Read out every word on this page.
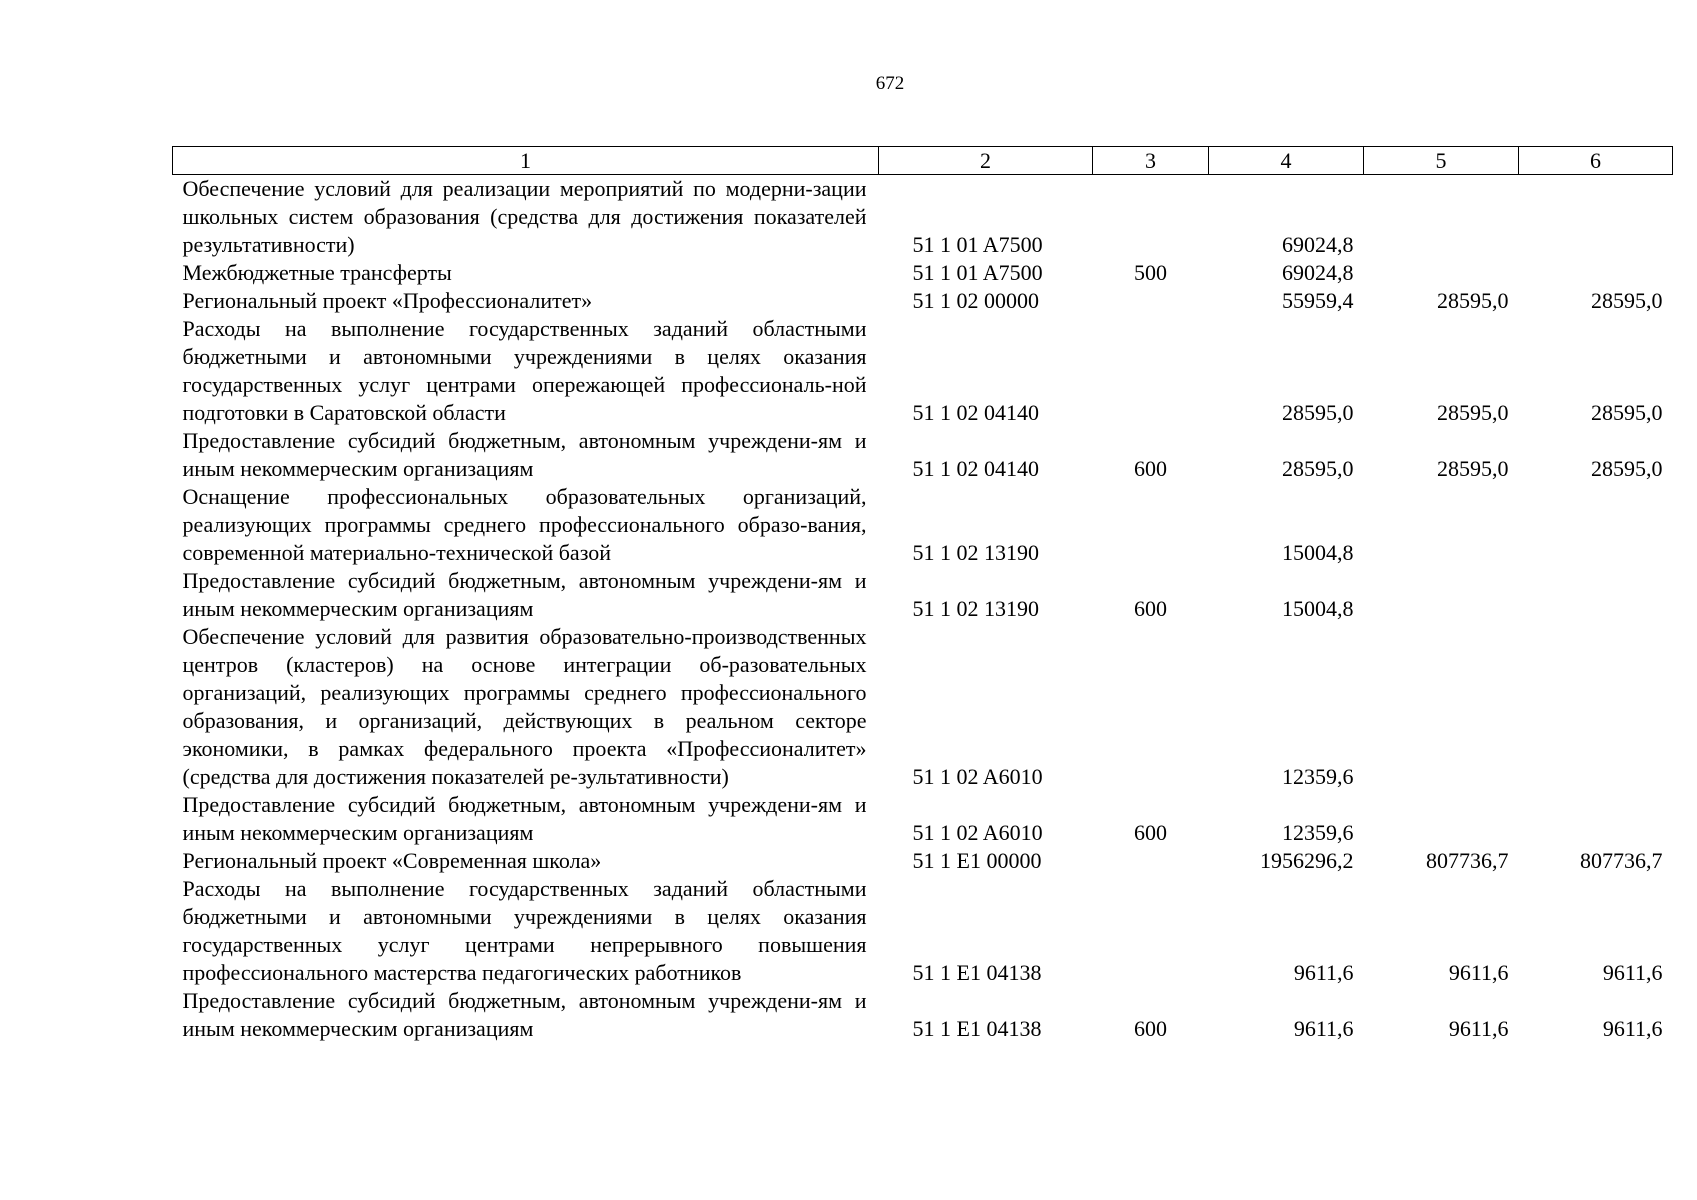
672
1	2	3	4	5	6
Обеспечение условий для реализации мероприятий по модерни-зации школьных систем образования (средства для достижения показателей результативности)	51 1 01 A7500		69024,8		
Межбюджетные трансферты	51 1 01 A7500	500	69024,8		
Региональный проект «Профессионалитет»	51 1 02 00000		55959,4	28595,0	28595,0
Расходы на выполнение государственных заданий областными бюджетными и автономными учреждениями в целях оказания государственных услуг центрами опережающей профессиональ-ной подготовки в Саратовской области	51 1 02 04140		28595,0	28595,0	28595,0
Предоставление субсидий бюджетным, автономным учреждени-ям и иным некоммерческим организациям	51 1 02 04140	600	28595,0	28595,0	28595,0
Оснащение профессиональных образовательных организаций, реализующих программы среднего профессионального образо-вания, современной материально-технической базой	51 1 02 13190		15004,8		
Предоставление субсидий бюджетным, автономным учреждени-ям и иным некоммерческим организациям	51 1 02 13190	600	15004,8		
Обеспечение условий для развития образовательно-производственных центров (кластеров) на основе интеграции об-разовательных организаций, реализующих программы среднего профессионального образования, и организаций, действующих в реальном секторе экономики, в рамках федерального проекта «Профессионалитет» (средства для достижения показателей ре-зультативности)	51 1 02 A6010		12359,6		
Предоставление субсидий бюджетным, автономным учреждени-ям и иным некоммерческим организациям	51 1 02 A6010	600	12359,6		
Региональный проект «Современная школа»	51 1 E1 00000		1956296,2	807736,7	807736,7
Расходы на выполнение государственных заданий областными бюджетными и автономными учреждениями в целях оказания государственных услуг центрами непрерывного повышения профессионального мастерства педагогических работников	51 1 E1 04138		9611,6	9611,6	9611,6
Предоставление субсидий бюджетным, автономным учреждени-ям и иным некоммерческим организациям	51 1 E1 04138	600	9611,6	9611,6	9611,6
